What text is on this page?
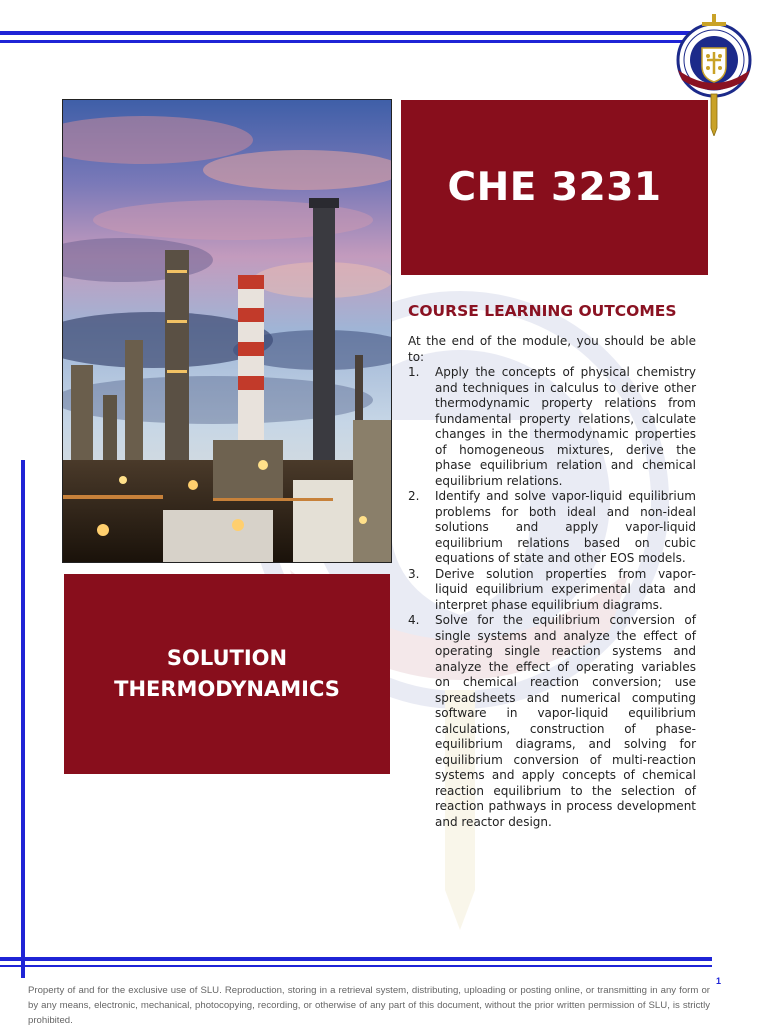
CHE 3231
SOLUTION
THERMODYNAMICS
COURSE LEARNING OUTCOMES

At the end of the module, you should be able to:

1.	Apply the concepts of physical chemistry and techniques in calculus to derive other thermodynamic property relations from fundamental property relations, calculate changes in the thermodynamic properties of homogeneous mixtures, derive the phase equilibrium relation and chemical equilibrium relations.
2.	Identify and solve vapor-liquid equilibrium problems for both ideal and non-ideal solutions and apply vapor-liquid equilibrium relations based on cubic equations of state and other EOS models.
3.	Derive solution properties from vapor-liquid equilibrium experimental data and interpret phase equilibrium diagrams.
4.	Solve for the equilibrium conversion of single systems and analyze the effect of operating single reaction systems and analyze the effect of operating variables on chemical reaction conversion; use spreadsheets and numerical computing software in vapor-liquid equilibrium calculations, construction of phase-equilibrium diagrams, and solving for equilibrium conversion of multi-reaction systems and apply concepts of chemical reaction equilibrium to the selection of reaction pathways in process development and reactor design.
1

Property of and for the exclusive use of SLU. Reproduction, storing in a retrieval system, distributing, uploading or posting online, or transmitting in any form or by any means, electronic, mechanical, photocopying, recording, or otherwise of any part of this document, without the prior written permission of SLU, is strictly prohibited.
